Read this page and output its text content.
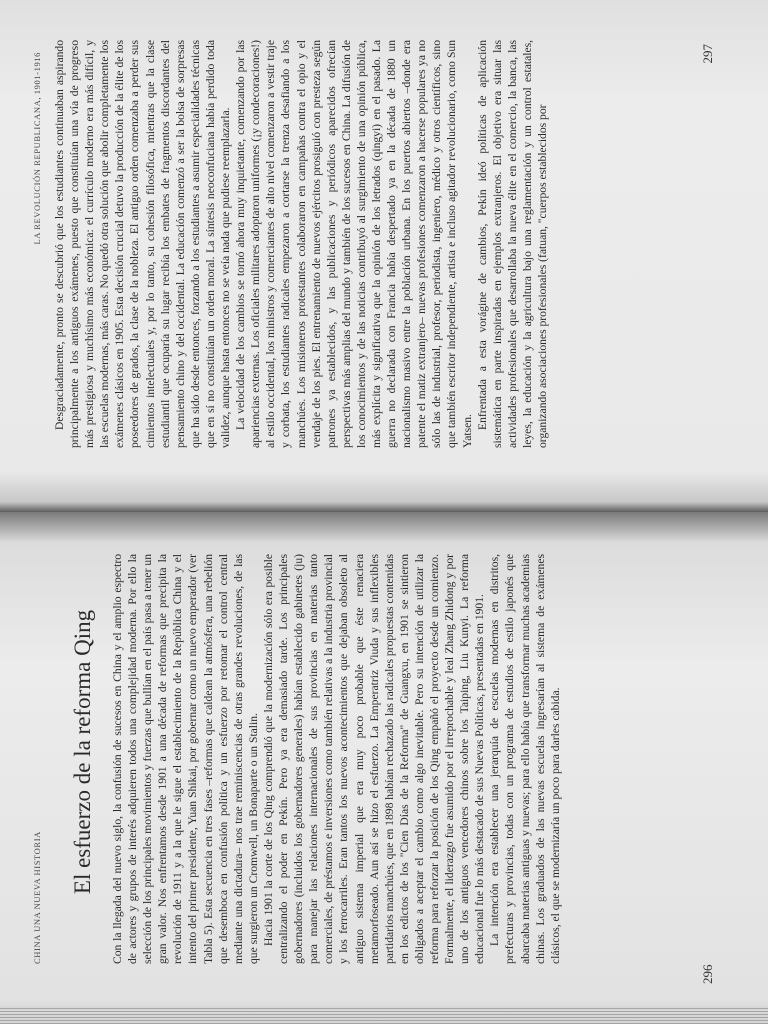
CHINA UNA NUEVA HISTORIA
El esfuerzo de la reforma Qing Con la llegada del nuevo siglo, la confusión de sucesos en China y el amplio espectro de actores y grupos de interés adquieren todos una complejidad moderna. Por ello la selección de los principales movimientos y fuerzas que bullían en el país pasa a tener un gran valor. Nos enfrentamos desde 1901 a una década de reformas que precipita la revolución de 1911 y a la que le sigue el establecimiento de la República China y el intento del primer presidente, Yuan Shikai, por gobernar como un nuevo emperador (ver Tabla 5). Esta secuencia en tres fases –reformas que caldean la atmósfera, una rebelión que desemboca en confusión política y un esfuerzo por retomar el control central mediante una dictadura– nos trae reminiscencias de otras grandes revoluciones, de las que surgieron un Cromwell, un Bonaparte o un Stalin. Hacia 1901 la corte de los Qing comprendió que la modernización sólo era posible centralizando el poder en Pekín. Pero ya era demasiado tarde. Los principales gobernadores (incluidos los gobernadores generales) habían establecido gabinetes (ju) para manejar las relaciones internacionales de sus provincias en materias tanto comerciales, de préstamos e inversiones como también relativas a la industria provincial y los ferrocarriles. Eran tantos los nuevos acontecimientos que dejaban obsoleto al antiguo sistema imperial que era muy poco probable que éste renaciera metamorfoseado. Aun así se hizo el esfuerzo. La Emperatriz Viuda y sus inflexibles partidarios manchúes, que en 1898 habían rechazado las radicales propuestas contenidas en los edictos de los "Cien Días de la Reforma" de Guangxu, en 1901 se sintieron obligados a aceptar el cambio como algo inevitable. Pero su intención de utilizar la reforma para reforzar la posición de los Qing empañó el proyecto desde un comienzo. Formalmente, el liderazgo fue asumido por el irreprochable y leal Zhang Zhidong y por uno de los antiguos vencedores chinos sobre los Taiping, Liu Kunyi. La reforma educacional fue lo más destacado de sus Nuevas Políticas, presentadas en 1901. La intención era establecer una jerarquía de escuelas modernas en distritos, prefecturas y provincias, todas con un programa de estudios de estilo japonés que abarcaba materias antiguas y nuevas; para ello había que transformar muchas academias chinas. Los graduados de las nuevas escuelas ingresarían al sistema de exámenes clásicos, el que se modernizaría un poco para darles cabida.

296
LA REVOLUCIÓN REPUBLICANA, 1901-1916 Desgraciadamente, pronto se descubrió que los estudiantes continuaban aspirando principalmente a los antiguos exámenes, puesto que constituían una vía de progreso más prestigiosa y muchísimo más económica: el currículo moderno era más difícil, y las escuelas modernas, más caras. No quedó otra solución que abolir completamente los exámenes clásicos en 1905. Esta decisión crucial detuvo la producción de la élite de los poseedores de grados, la clase de la nobleza. El antiguo orden comenzaba a perder sus cimientos intelectuales y, por lo tanto, su cohesión filosófica, mientras que la clase estudiantil que ocuparía su lugar recibía los embates de fragmentos discordantes del pensamiento chino y del occidental. La educación comenzó a ser la bolsa de sorpresas que ha sido desde entonces, forzando a los estudiantes a asumir especialidades técnicas que en sí no constituían un orden moral. La síntesis neoconfuciana había perdido toda validez, aunque hasta entonces no se veía nada que pudiese reemplazarla. La velocidad de los cambios se tornó ahora muy inquietante, comenzando por las apariencias externas. Los oficiales militares adoptaron uniformes (¡y condecoraciones!) al estilo occidental, los ministros y comerciantes de alto nivel comenzaron a vestir traje y corbata, los estudiantes radicales empezaron a cortarse la trenza desafiando a los manchúes. Los misioneros protestantes colaboraron en campañas contra el opio y el vendaje de los pies. El entrenamiento de nuevos ejércitos prosiguió con presteza según patrones ya establecidos, y las publicaciones y periódicos aparecidos ofrecían perspectivas más amplias del mundo y también de los sucesos en China. La difusión de los conocimientos y de las noticias contribuyó al surgimiento de una opinión pública, más explícita y significativa que la opinión de los letrados (qingyi) en el pasado. La guerra no declarada con Francia había despertado ya en la década de 1880 un nacionalismo masivo entre la población urbana. En los puertos abiertos –donde era patente el matiz extranjero– nuevas profesiones comenzaron a hacerse populares ya no sólo las de industrial, profesor, periodista, ingeniero, médico y otros científicos, sino que también escritor independiente, artista e incluso agitador revolucionario, como Sun Yatsen.

Enfrentada a esta vorágine de cambios, Pekín ideó políticas de aplicación sistemática en parte inspiradas en ejemplos extranjeros. El objetivo era situar las actividades profesionales que desarrollaba la nueva élite en el comercio, la banca, las leyes, la educación y la agricultura bajo una reglamentación y un control estatales, organizando asociaciones profesionales (fatuan, "cuerpos establecidos por

297
